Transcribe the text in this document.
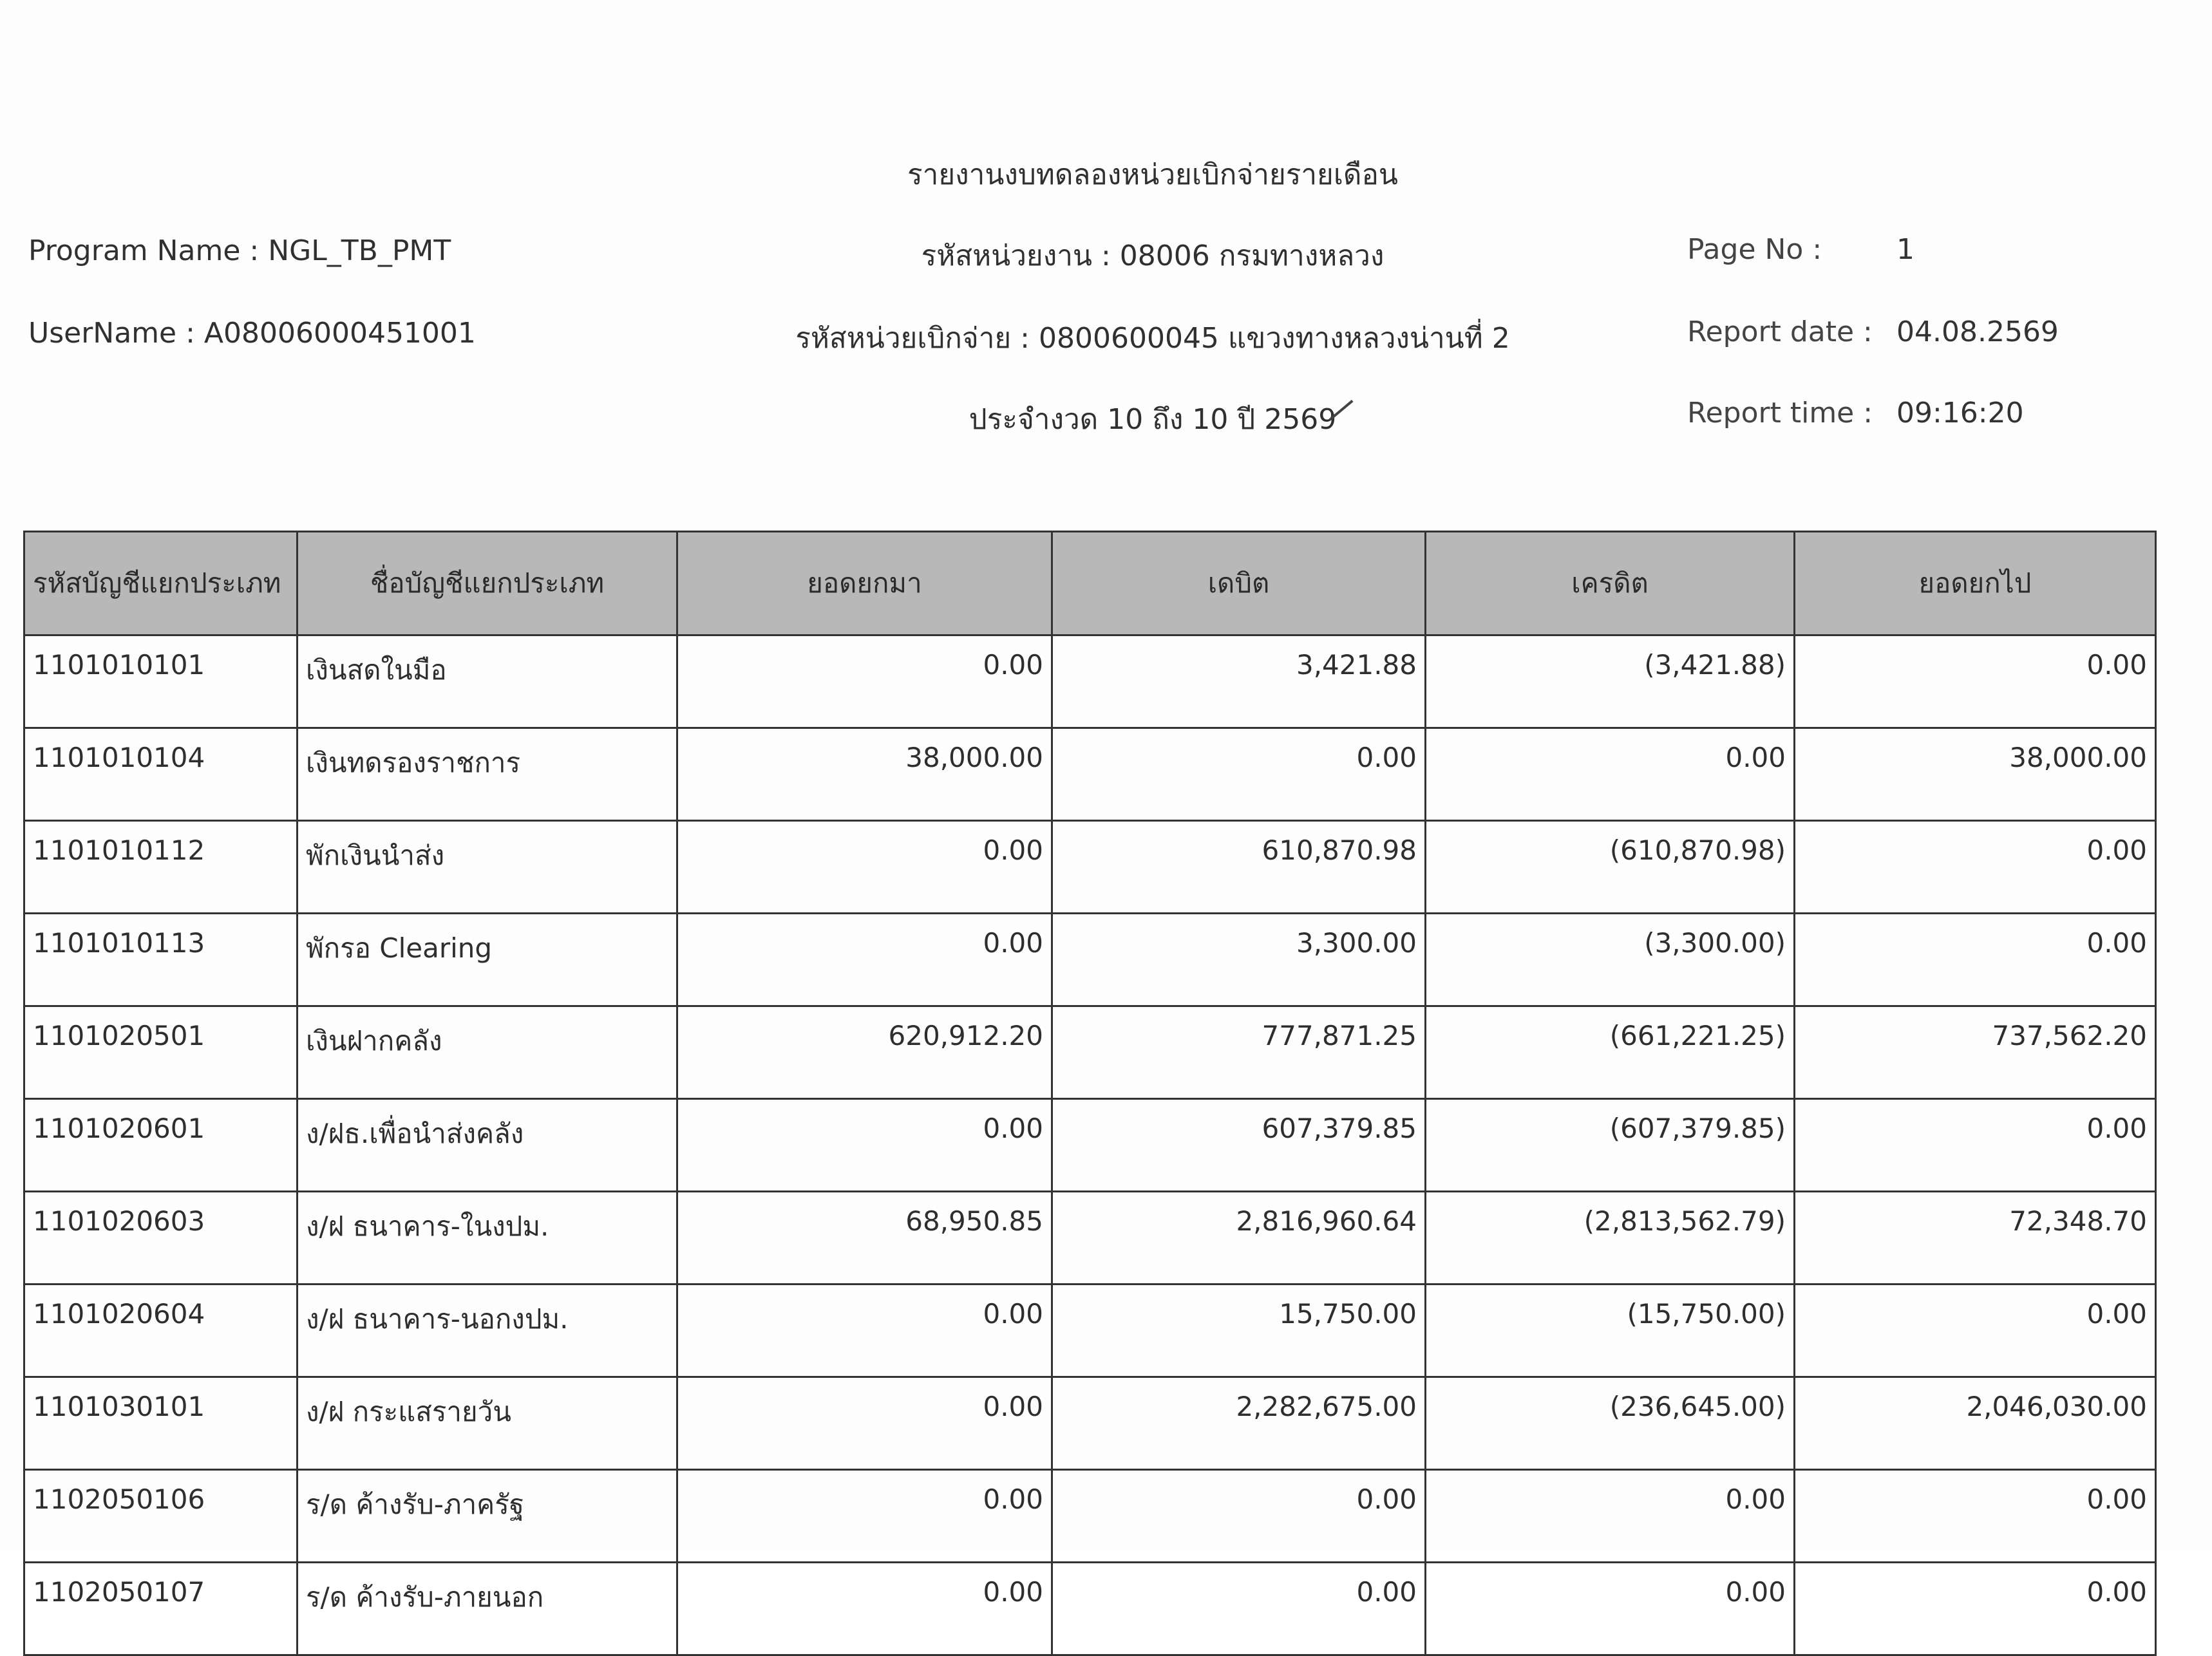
รายงานงบทดลองหน่วยเบิกจ่ายรายเดือน
รหัสหน่วยงาน : 08006 กรมทางหลวง
รหัสหน่วยเบิกจ่าย : 0800600045 แขวงทางหลวงน่านที่ 2
ประจำงวด 10 ถึง 10 ปี 2569
Program Name : NGL_TB_PMT
UserName : A08006000451001
Page No :	1
Report date : 04.08.2569
Report time : 09:16:20
รหัสบัญชีแยกประเภท	ชื่อบัญชีแยกประเภท	ยอดยกมา	เดบิต	เครดิต	ยอดยกไป
1101010101	เงินสดในมือ	0.00	3,421.88	(3,421.88)	0.00
1101010104	เงินทดรองราชการ	38,000.00	0.00	0.00	38,000.00
1101010112	พักเงินนำส่ง	0.00	610,870.98	(610,870.98)	0.00
1101010113	พักรอ Clearing	0.00	3,300.00	(3,300.00)	0.00
1101020501	เงินฝากคลัง	620,912.20	777,871.25	(661,221.25)	737,562.20
1101020601	ง/ฝธ.เพื่อนำส่งคลัง	0.00	607,379.85	(607,379.85)	0.00
1101020603	ง/ฝ ธนาคาร-ในงปม.	68,950.85	2,816,960.64	(2,813,562.79)	72,348.70
1101020604	ง/ฝ ธนาคาร-นอกงปม.	0.00	15,750.00	(15,750.00)	0.00
1101030101	ง/ฝ กระแสรายวัน	0.00	2,282,675.00	(236,645.00)	2,046,030.00
1102050106	ร/ด ค้างรับ-ภาครัฐ	0.00	0.00	0.00	0.00
1102050107	ร/ด ค้างรับ-ภายนอก	0.00	0.00	0.00	0.00
